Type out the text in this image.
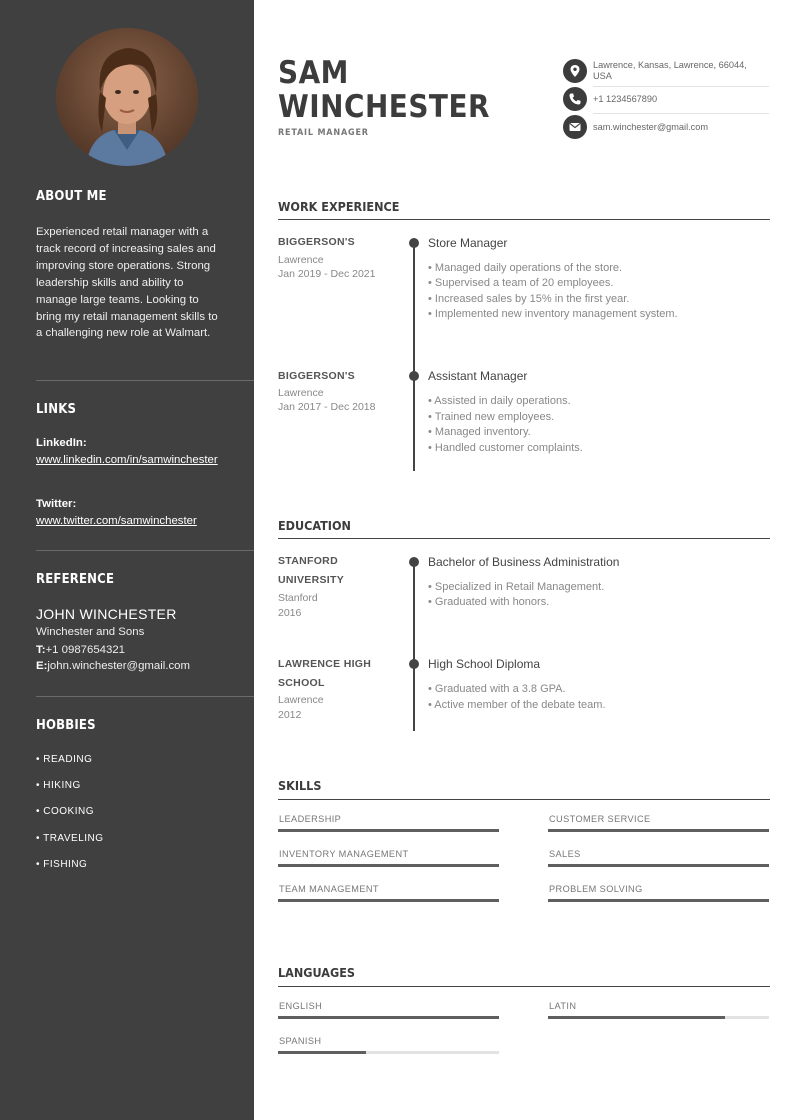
ABOUT ME

Experienced retail manager with a track record of increasing sales and improving store operations. Strong leadership skills and ability to manage large teams. Looking to bring my retail management skills to a challenging new role at Walmart.

LINKS
LinkedIn:
www.linkedin.com/in/samwinchester
Twitter:
www.twitter.com/samwinchester
REFERENCE
JOHN WINCHESTER
Winchester and Sons
T:+1 0987654321
E:john.winchester@gmail.com
HOBBIES
• READING
• HIKING
• COOKING
• TRAVELING
• FISHING
SAM
WINCHESTER
RETAIL MANAGER
Lawrence, Kansas, Lawrence, 66044, USA
+1 1234567890
sam.winchester@gmail.com
WORK EXPERIENCE
BIGGERSON'S
Lawrence
Jan 2019 - Dec 2021
Store Manager
• Managed daily operations of the store.
• Supervised a team of 20 employees.
• Increased sales by 15% in the first year.
• Implemented new inventory management system.
BIGGERSON'S
Lawrence
Jan 2017 - Dec 2018
Assistant Manager
• Assisted in daily operations.
• Trained new employees.
• Managed inventory.
• Handled customer complaints.
EDUCATION
STANFORD UNIVERSITY
Stanford
2016
Bachelor of Business Administration
• Specialized in Retail Management.
• Graduated with honors.
LAWRENCE HIGH SCHOOL
Lawrence
2012
High School Diploma
• Graduated with a 3.8 GPA.
• Active member of the debate team.
SKILLS
LEADERSHIP	CUSTOMER SERVICE
INVENTORY MANAGEMENT	SALES
TEAM MANAGEMENT	PROBLEM SOLVING
LANGUAGES
ENGLISH	LATIN
SPANISH
